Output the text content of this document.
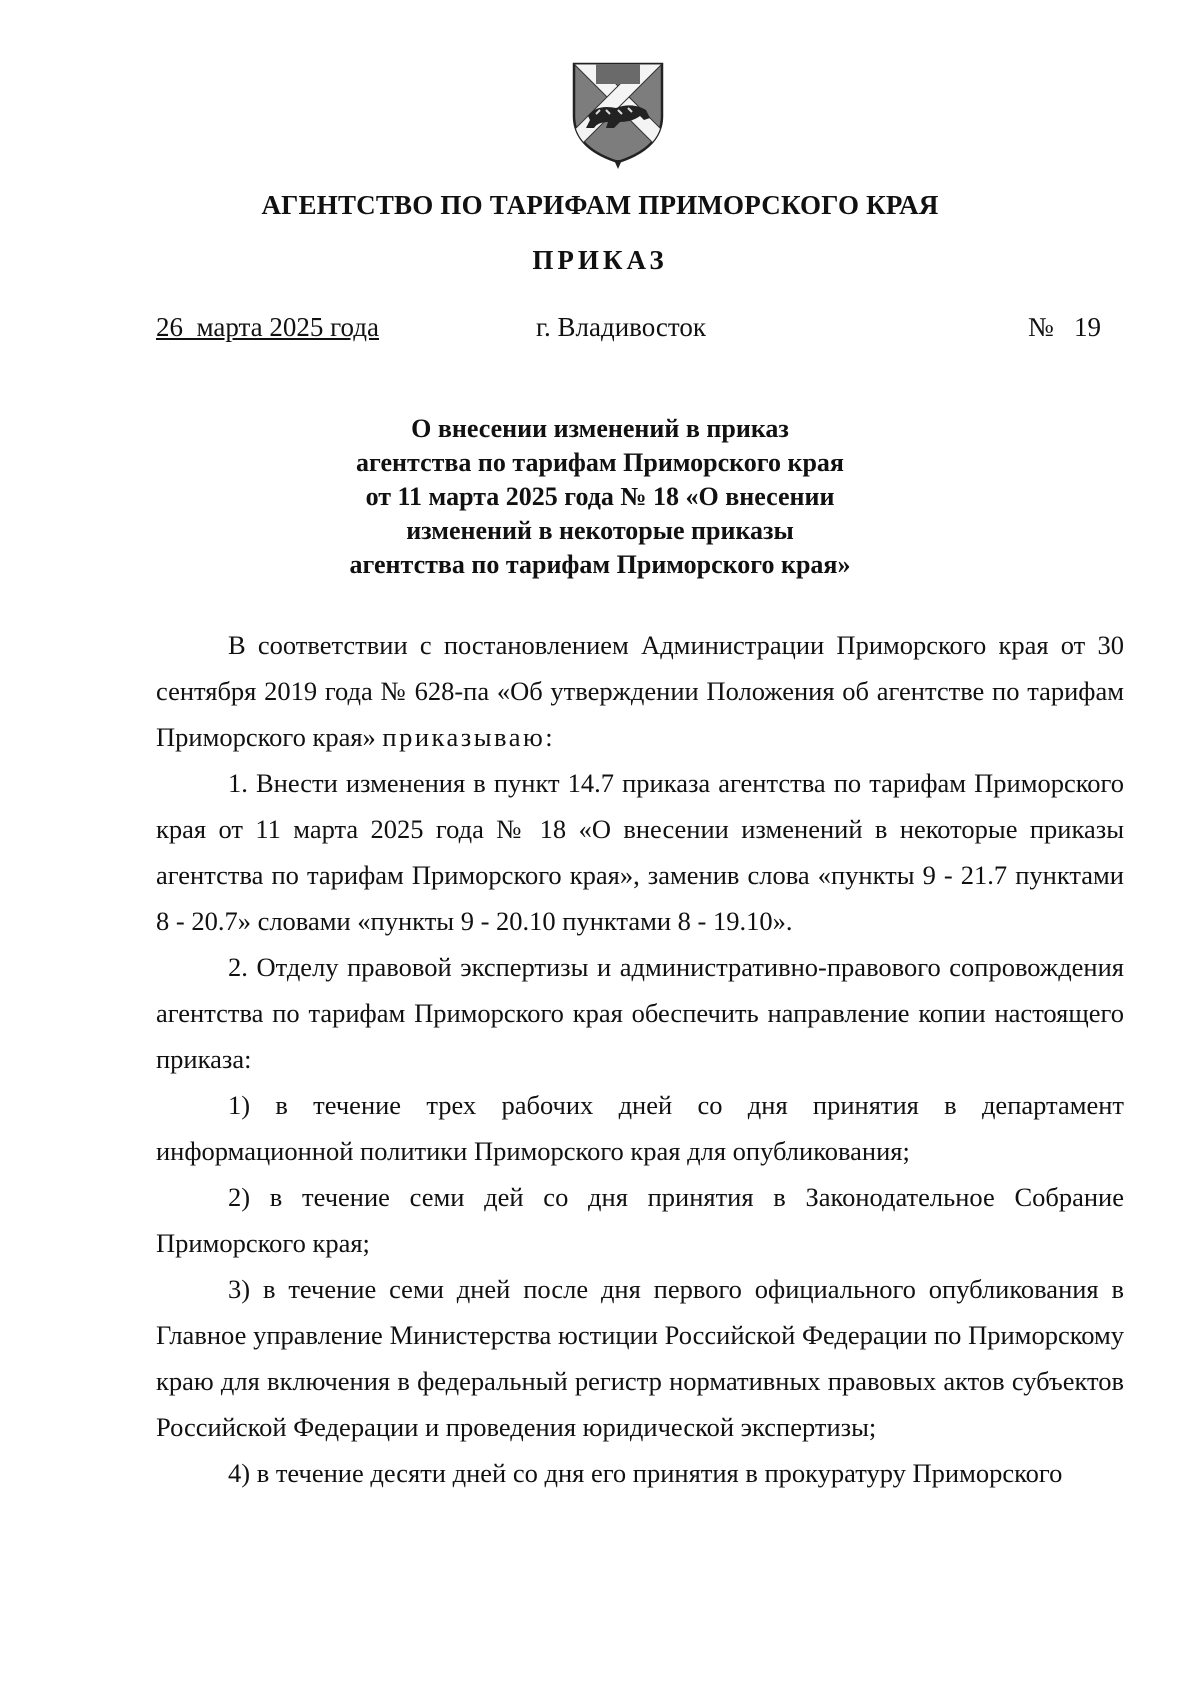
АГЕНТСТВО ПО ТАРИФАМ ПРИМОРСКОГО КРАЯ
ПРИКАЗ
26  марта 2025 года	г. Владивосток	№   19
О внесении изменений в приказ
агентства по тарифам Приморского края
от 11 марта 2025 года № 18 «О внесении
изменений в некоторые приказы
агентства по тарифам Приморского края»

В соответствии с постановлением Администрации Приморского края от 30 сентября 2019 года № 628-па «Об утверждении Положения об агентстве по тарифам Приморского края» приказываю:

1. Внести изменения в пункт 14.7 приказа агентства по тарифам Приморского края от 11 марта 2025 года № 18 «О внесении изменений в некоторые приказы агентства по тарифам Приморского края», заменив слова «пункты 9 - 21.7 пунктами 8 - 20.7» словами «пункты 9 - 20.10 пунктами 8 - 19.10».

2. Отделу правовой экспертизы и административно-правового сопровождения агентства по тарифам Приморского края обеспечить направление копии настоящего приказа:

1) в течение трех рабочих дней со дня принятия в департамент информационной политики Приморского края для опубликования;

2) в течение семи дей со дня принятия в Законодательное Собрание Приморского края;

3) в течение семи дней после дня первого официального опубликования в Главное управление Министерства юстиции Российской Федерации по Приморскому краю для включения в федеральный регистр нормативных правовых актов субъектов Российской Федерации и проведения юридической экспертизы;

4) в течение десяти дней со дня его принятия в прокуратуру Приморского
